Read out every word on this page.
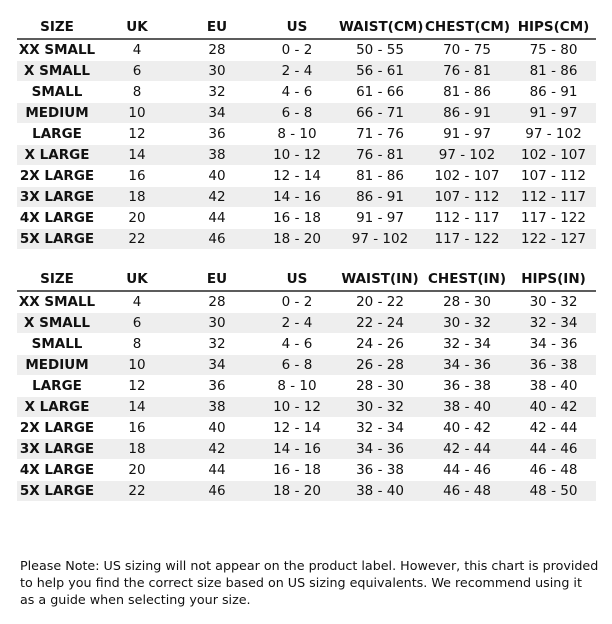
SIZE	UK	EU	US	WAIST(CM)	CHEST(CM)	HIPS(CM)
XX SMALL	4	28	0 - 2	50 - 55	70 - 75	75 - 80
X SMALL	6	30	2 - 4	56 - 61	76 - 81	81 - 86
SMALL	8	32	4 - 6	61 - 66	81 - 86	86 - 91
MEDIUM	10	34	6 - 8	66 - 71	86 - 91	91 - 97
LARGE	12	36	8 - 10	71 - 76	91 - 97	97 - 102
X LARGE	14	38	10 - 12	76 - 81	97 - 102	102 - 107
2X LARGE	16	40	12 - 14	81 - 86	102 - 107	107 - 112
3X LARGE	18	42	14 - 16	86 - 91	107 - 112	112 - 117
4X LARGE	20	44	16 - 18	91 - 97	112 - 117	117 - 122
5X LARGE	22	46	18 - 20	97 - 102	117 - 122	122 - 127
SIZE	UK	EU	US	WAIST(IN)	CHEST(IN)	HIPS(IN)
XX SMALL	4	28	0 - 2	20 - 22	28 - 30	30 - 32
X SMALL	6	30	2 - 4	22 - 24	30 - 32	32 - 34
SMALL	8	32	4 - 6	24 - 26	32 - 34	34 - 36
MEDIUM	10	34	6 - 8	26 - 28	34 - 36	36 - 38
LARGE	12	36	8 - 10	28 - 30	36 - 38	38 - 40
X LARGE	14	38	10 - 12	30 - 32	38 - 40	40 - 42
2X LARGE	16	40	12 - 14	32 - 34	40 - 42	42 - 44
3X LARGE	18	42	14 - 16	34 - 36	42 - 44	44 - 46
4X LARGE	20	44	16 - 18	36 - 38	44 - 46	46 - 48
5X LARGE	22	46	18 - 20	38 - 40	46 - 48	48 - 50

Please Note: US sizing will not appear on the product label. However, this chart is provided to help you find the correct size based on US sizing equivalents. We recommend using it as a guide when selecting your size.
